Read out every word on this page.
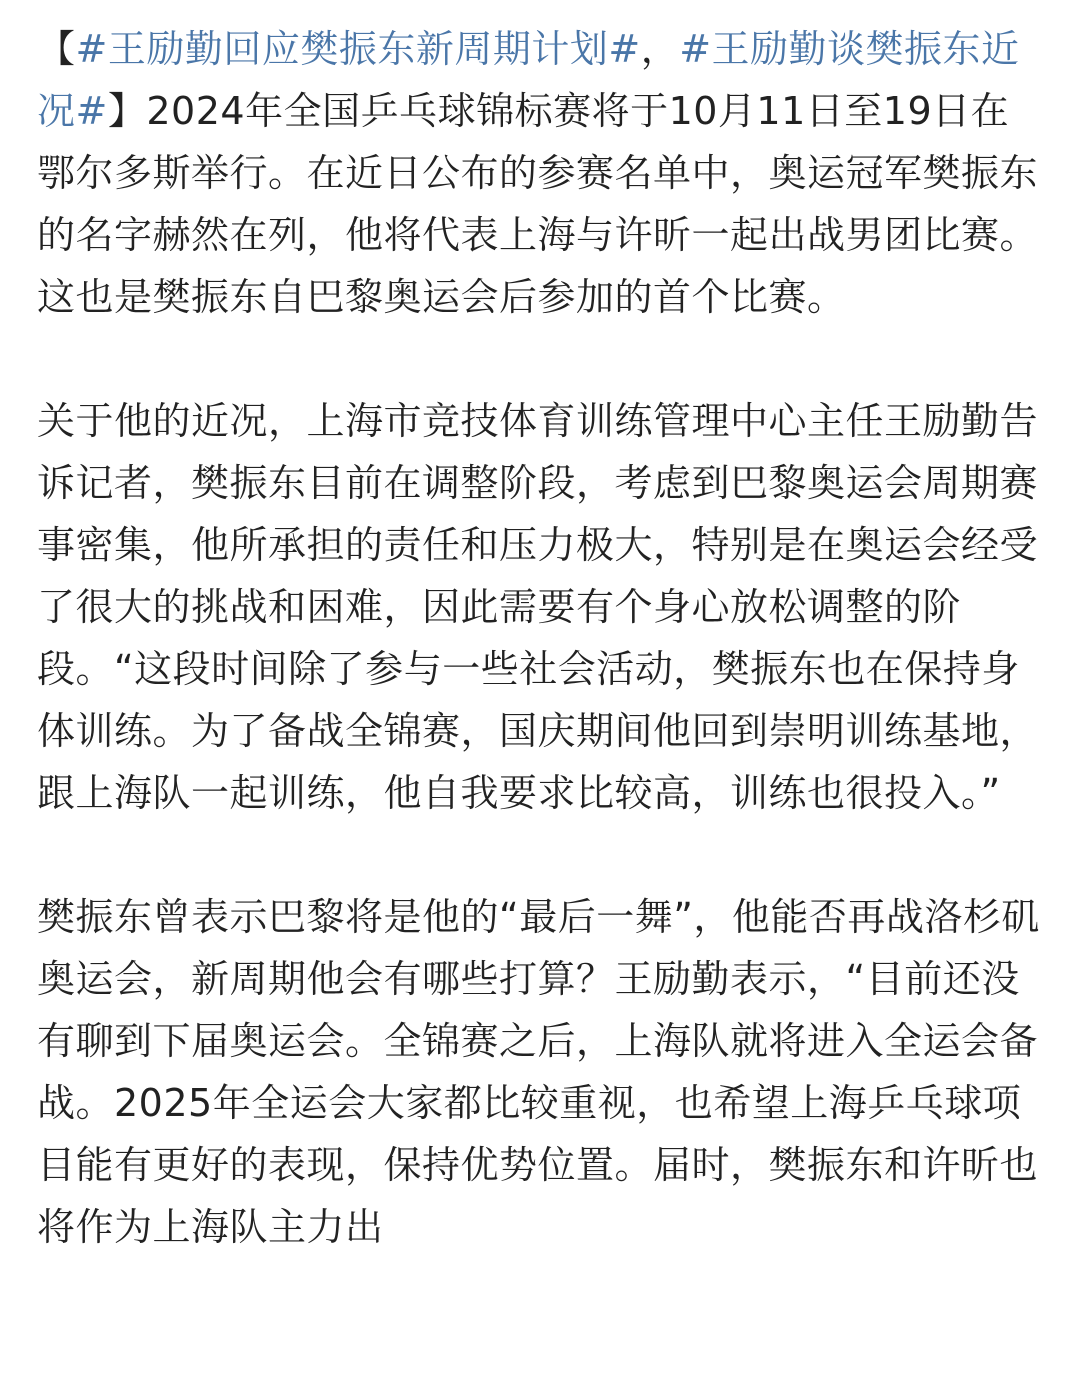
【#王励勤回应樊振东新周期计划#，#王励勤谈樊振东近况#】2024年全国乒乓球锦标赛将于10月11日至19日在鄂尔多斯举行。在近日公布的参赛名单中，奥运冠军樊振东的名字赫然在列，他将代表上海与许昕一起出战男团比赛。这也是樊振东自巴黎奥运会后参加的首个比赛。

关于他的近况，上海市竞技体育训练管理中心主任王励勤告诉记者，樊振东目前在调整阶段，考虑到巴黎奥运会周期赛事密集，他所承担的责任和压力极大，特别是在奥运会经受了很大的挑战和困难，因此需要有个身心放松调整的阶段。“这段时间除了参与一些社会活动，樊振东也在保持身体训练。为了备战全锦赛，国庆期间他回到崇明训练基地，跟上海队一起训练，他自我要求比较高，训练也很投入。”

樊振东曾表示巴黎将是他的“最后一舞”，他能否再战洛杉矶奥运会，新周期他会有哪些打算？王励勤表示，“目前还没有聊到下届奥运会。全锦赛之后，上海队就将进入全运会备战。2025年全运会大家都比较重视，也希望上海乒乓球项目能有更好的表现，保持优势位置。届时，樊振东和许昕也将作为上海队主力出
